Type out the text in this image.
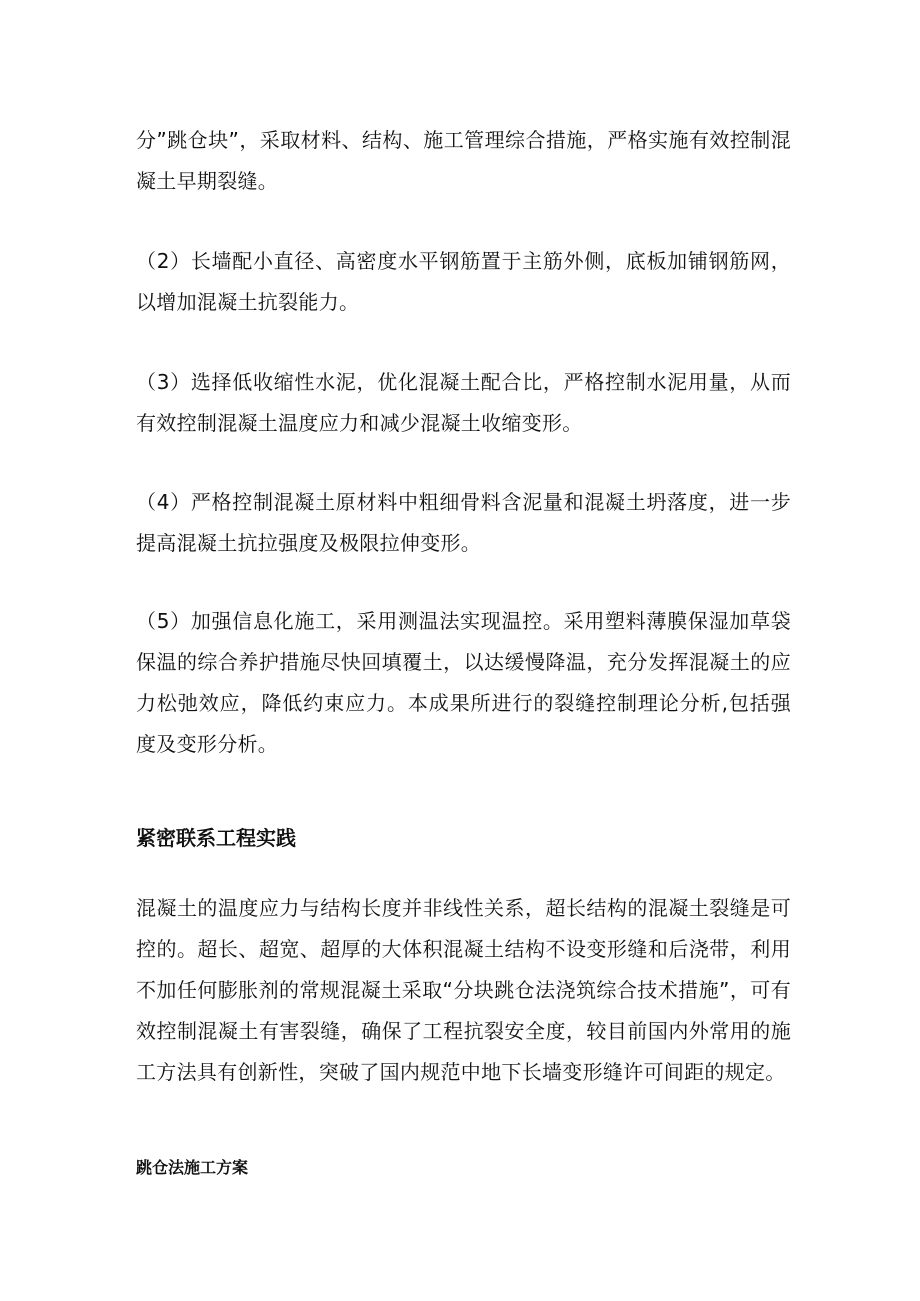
分”跳仓块”，采取材料、结构、施工管理综合措施，严格实施有效控制混凝土早期裂缝。

（2）长墙配小直径、高密度水平钢筋置于主筋外侧，底板加铺钢筋网，以增加混凝土抗裂能力。

（3）选择低收缩性水泥，优化混凝土配合比，严格控制水泥用量，从而有效控制混凝土温度应力和减少混凝土收缩变形。

（4）严格控制混凝土原材料中粗细骨料含泥量和混凝土坍落度，进一步提高混凝土抗拉强度及极限拉伸变形。

（5）加强信息化施工，采用测温法实现温控。采用塑料薄膜保湿加草袋保温的综合养护措施尽快回填覆土，以达缓慢降温，充分发挥混凝土的应力松弛效应，降低约束应力。本成果所进行的裂缝控制理论分析,包括强度及变形分析。

紧密联系工程实践

混凝土的温度应力与结构长度并非线性关系，超长结构的混凝土裂缝是可控的。超长、超宽、超厚的大体积混凝土结构不设变形缝和后浇带，利用不加任何膨胀剂的常规混凝土采取“分块跳仓法浇筑综合技术措施”，可有效控制混凝土有害裂缝，确保了工程抗裂安全度，较目前国内外常用的施工方法具有创新性，突破了国内规范中地下长墙变形缝许可间距的规定。

跳仓法施工方案
